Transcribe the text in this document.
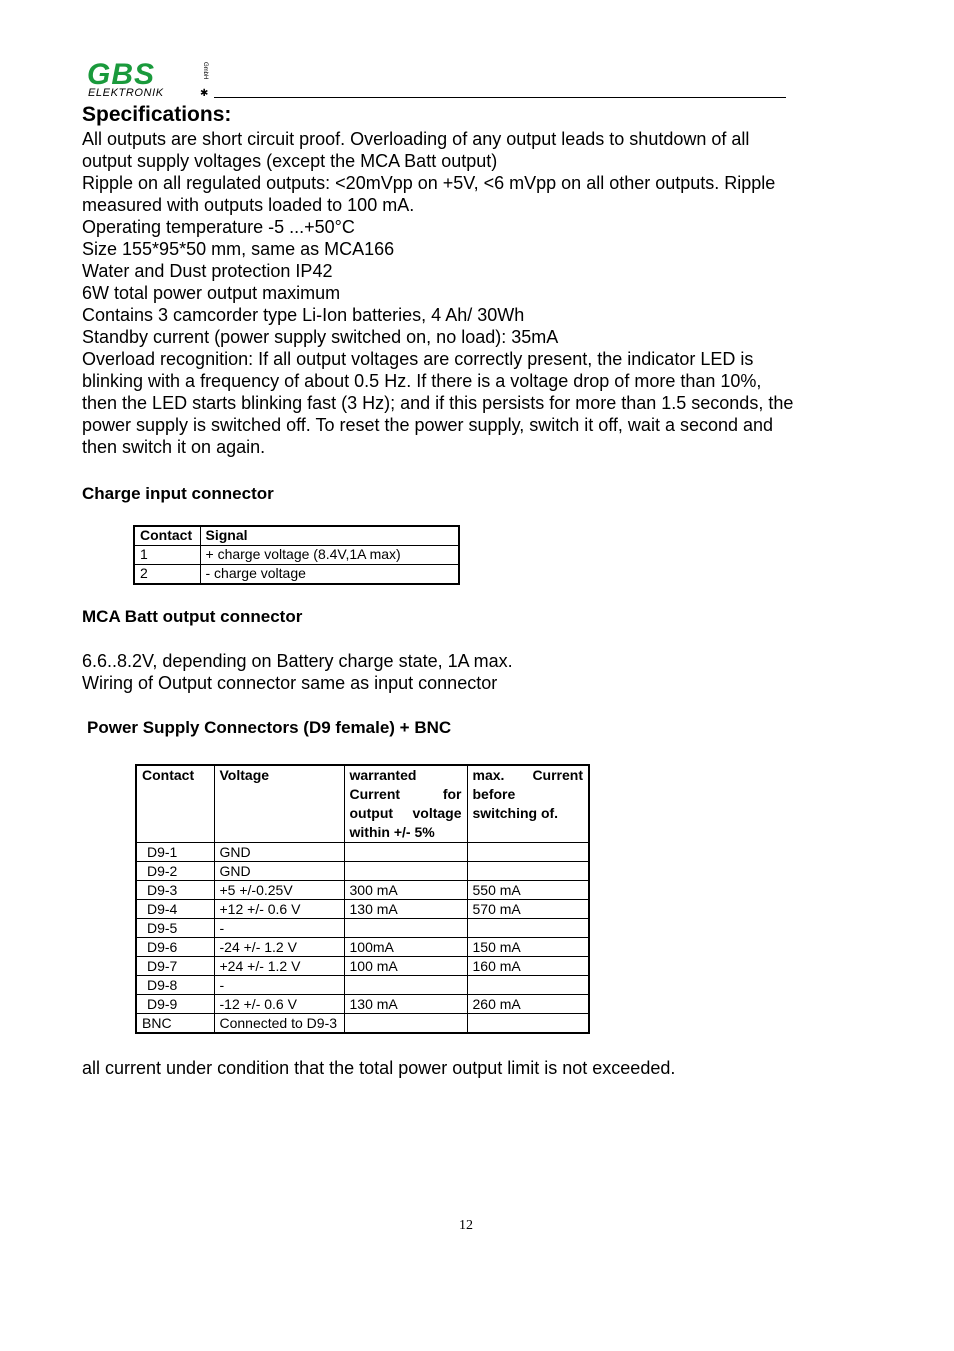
GBS
ELEKTRONIK
GmbH
✱
Specifications:
All outputs are short circuit proof. Overloading of any output leads to shutdown of all
output supply voltages (except the MCA Batt output)
Ripple on all regulated outputs: <20mVpp on +5V, <6 mVpp on all other outputs. Ripple
measured with outputs loaded to 100 mA.
Operating temperature -5 ...+50°C
Size 155*95*50 mm, same as MCA166
Water and Dust protection IP42
6W total power output maximum
Contains 3 camcorder type Li-Ion batteries, 4 Ah/ 30Wh
Standby current (power supply switched on, no load): 35mA
Overload recognition: If all output voltages are correctly present, the indicator LED is
blinking with a frequency of about 0.5 Hz. If there is a voltage drop of more than 10%,
then the LED starts blinking fast (3 Hz); and if this persists for more than 1.5 seconds, the
power supply is switched off. To reset the power supply, switch it off, wait a second and
then switch it on again.
Charge input connector
Contact	Signal
1	+ charge voltage (8.4V,1A max)
2	- charge voltage
MCA Batt output connector
6.6..8.2V, depending on Battery charge state, 1A max.
Wiring of Output connector same as input connector
Power Supply Connectors (D9 female) + BNC
Contact	Voltage	warranted
Current for
output voltage
within +/- 5%	max. Current
before
switching of.

D9-1	GND		
D9-2	GND		
D9-3	+5 +/-0.25V	300 mA	550 mA
D9-4	+12 +/- 0.6 V	130 mA	570 mA
D9-5	-		
D9-6	-24 +/- 1.2 V	100mA	150 mA
D9-7	+24 +/- 1.2 V	100 mA	160 mA
D9-8	-		
D9-9	-12 +/- 0.6 V	130 mA	260 mA
BNC	Connected to D9-3		
all current under condition that the total power output limit is not exceeded.
12
